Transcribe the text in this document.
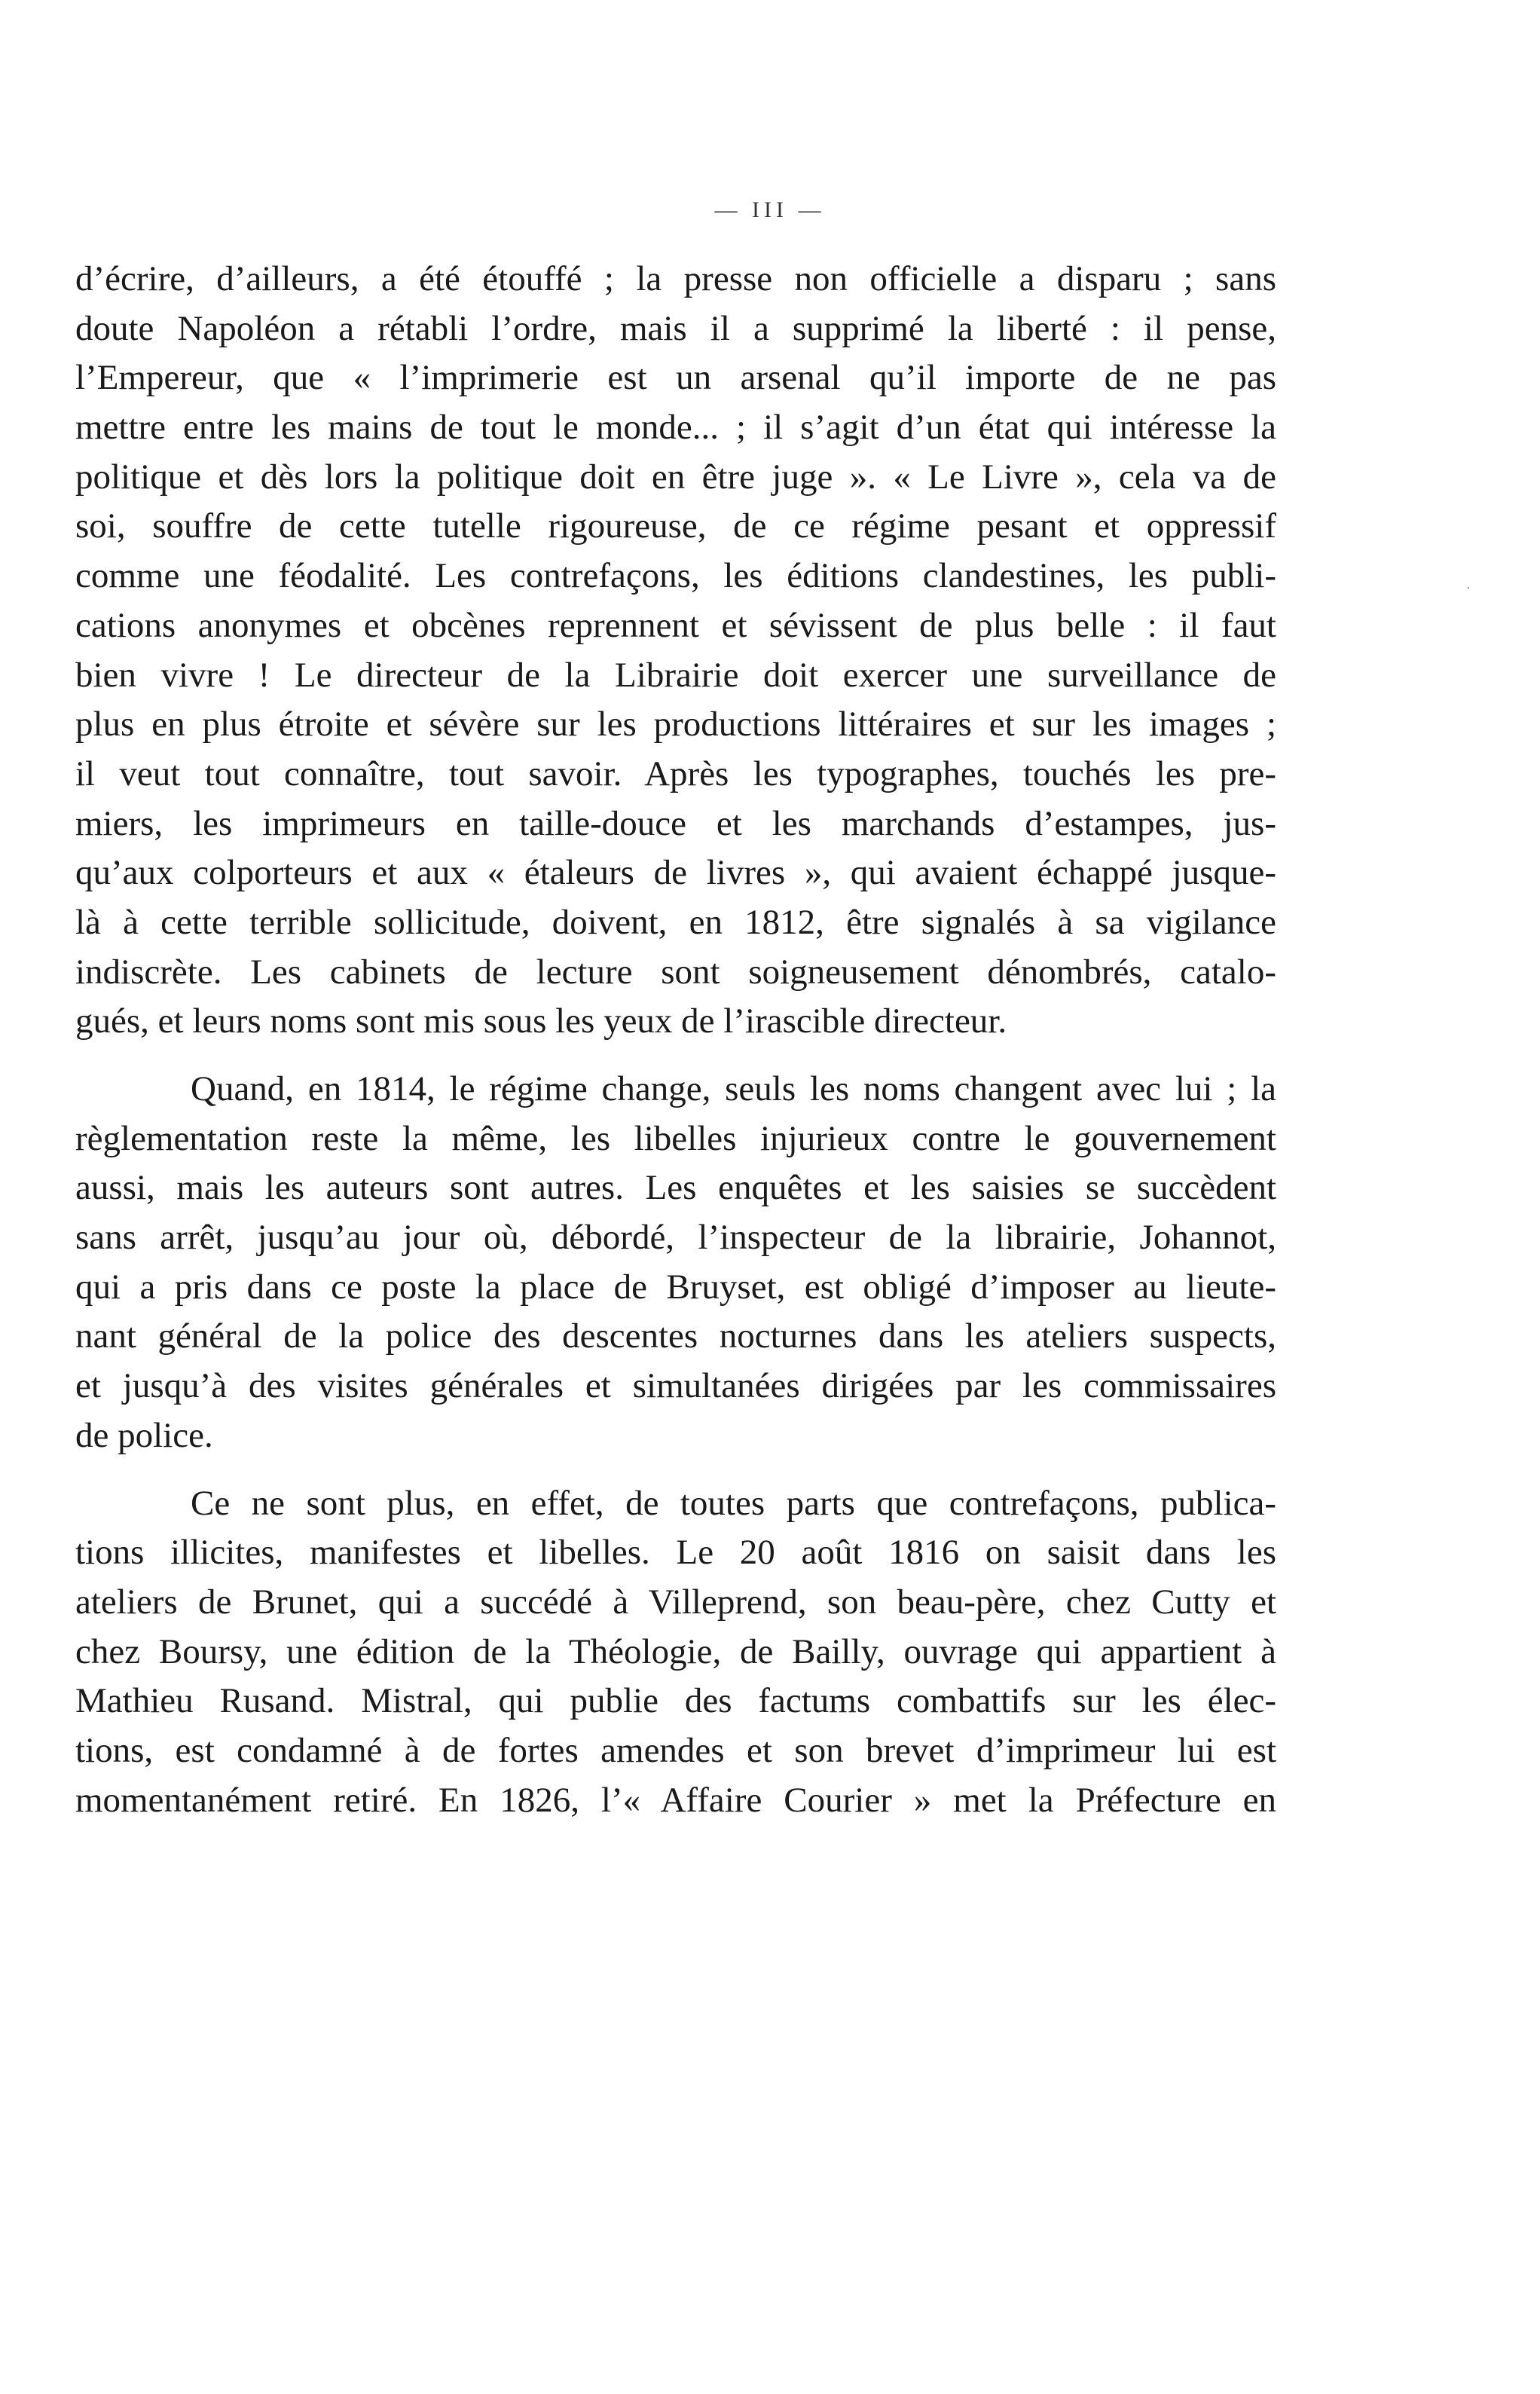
— III —
·
d’écrire, d’ailleurs, a été étouffé ; la presse non officielle a disparu ; sans
doute Napoléon a rétabli l’ordre, mais il a supprimé la liberté : il pense,
l’Empereur, que « l’imprimerie est un arsenal qu’il importe de ne pas
mettre entre les mains de tout le monde... ; il s’agit d’un état qui intéresse la
politique et dès lors la politique doit en être juge ». « Le Livre », cela va de
soi, souffre de cette tutelle rigoureuse, de ce régime pesant et oppressif
comme une féodalité. Les contrefaçons, les éditions clandestines, les publi-
cations anonymes et obcènes reprennent et sévissent de plus belle : il faut
bien vivre ! Le directeur de la Librairie doit exercer une surveillance de
plus en plus étroite et sévère sur les productions littéraires et sur les images ;
il veut tout connaître, tout savoir. Après les typographes, touchés les pre-
miers, les imprimeurs en taille-douce et les marchands d’estampes, jus-
qu’aux colporteurs et aux « étaleurs de livres », qui avaient échappé jusque-
là à cette terrible sollicitude, doivent, en 1812, être signalés à sa vigilance
indiscrète. Les cabinets de lecture sont soigneusement dénombrés, catalo-
gués, et leurs noms sont mis sous les yeux de l’irascible directeur.
Quand, en 1814, le régime change, seuls les noms changent avec lui ; la
règlementation reste la même, les libelles injurieux contre le gouvernement
aussi, mais les auteurs sont autres. Les enquêtes et les saisies se succèdent
sans arrêt, jusqu’au jour où, débordé, l’inspecteur de la librairie, Johannot,
qui a pris dans ce poste la place de Bruyset, est obligé d’imposer au lieute-
nant général de la police des descentes nocturnes dans les ateliers suspects,
et jusqu’à des visites générales et simultanées dirigées par les commissaires
de police.
Ce ne sont plus, en effet, de toutes parts que contrefaçons, publica-
tions illicites, manifestes et libelles. Le 20 août 1816 on saisit dans les
ateliers de Brunet, qui a succédé à Villeprend, son beau-père, chez Cutty et
chez Boursy, une édition de la Théologie, de Bailly, ouvrage qui appartient à
Mathieu Rusand. Mistral, qui publie des factums combattifs sur les élec-
tions, est condamné à de fortes amendes et son brevet d’imprimeur lui est
momentanément retiré. En 1826, l’« Affaire Courier » met la Préfecture en
